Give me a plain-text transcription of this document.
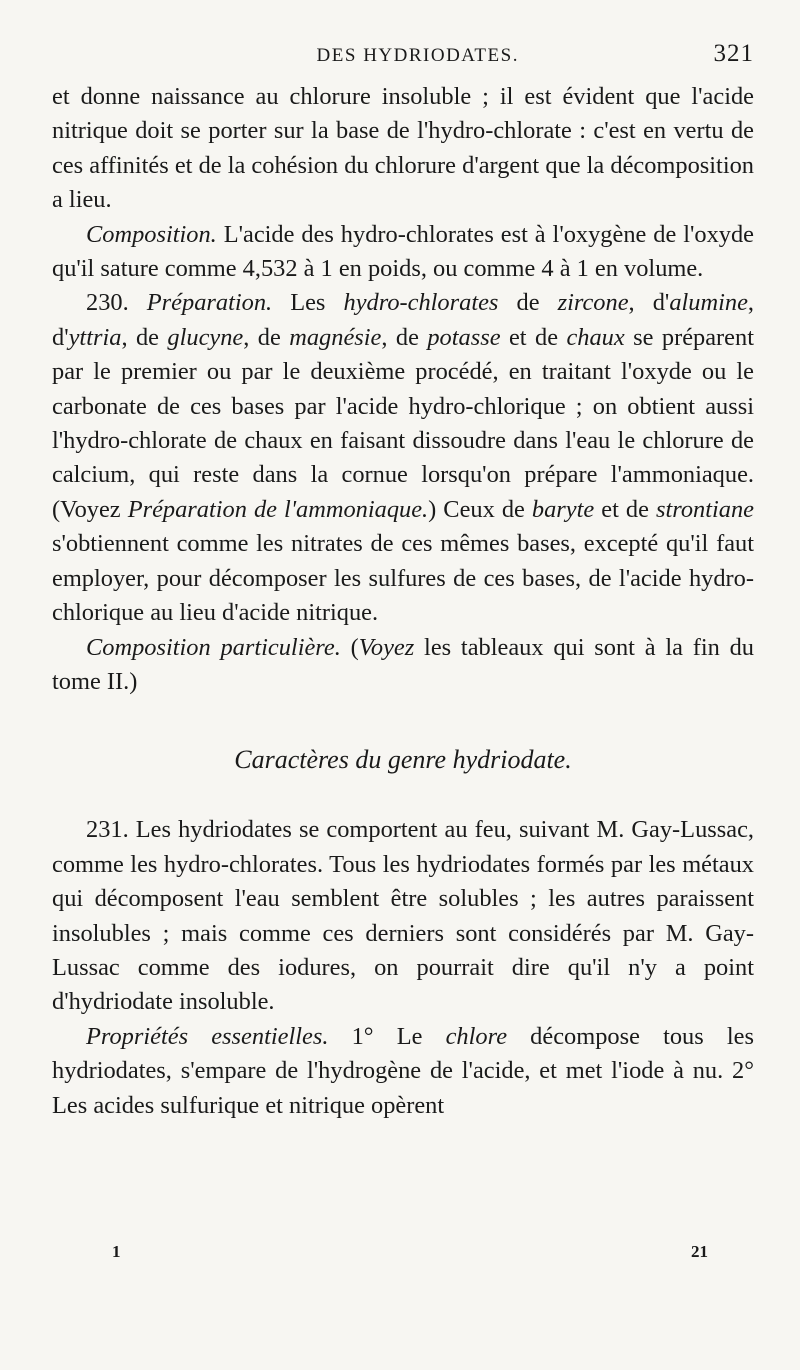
DES HYDRIODATES.	321

et donne naissance au chlorure insoluble ; il est évident que l'acide nitrique doit se porter sur la base de l'hydro-chlorate : c'est en vertu de ces affinités et de la cohésion du chlorure d'argent que la décomposition a lieu.

Composition. L'acide des hydro-chlorates est à l'oxygène de l'oxyde qu'il sature comme 4,532 à 1 en poids, ou comme 4 à 1 en volume.

230. Préparation. Les hydro-chlorates de zircone, d'alumine, d'yttria, de glucyne, de magnésie, de potasse et de chaux se préparent par le premier ou par le deuxième procédé, en traitant l'oxyde ou le carbonate de ces bases par l'acide hydro-chlorique ; on obtient aussi l'hydro-chlorate de chaux en faisant dissoudre dans l'eau le chlorure de calcium, qui reste dans la cornue lorsqu'on prépare l'ammoniaque. (Voyez Préparation de l'ammoniaque.) Ceux de baryte et de strontiane s'obtiennent comme les nitrates de ces mêmes bases, excepté qu'il faut employer, pour décomposer les sulfures de ces bases, de l'acide hydro-chlorique au lieu d'acide nitrique.

Composition particulière. (Voyez les tableaux qui sont à la fin du tome II.)

Caractères du genre hydriodate.

231. Les hydriodates se comportent au feu, suivant M. Gay-Lussac, comme les hydro-chlorates. Tous les hydriodates formés par les métaux qui décomposent l'eau semblent être solubles ; les autres paraissent insolubles ; mais comme ces derniers sont considérés par M. Gay-Lussac comme des iodures, on pourrait dire qu'il n'y a point d'hydriodate insoluble.

Propriétés essentielles. 1° Le chlore décompose tous les hydriodates, s'empare de l'hydrogène de l'acide, et met l'iode à nu. 2° Les acides sulfurique et nitrique opèrent

1	21
